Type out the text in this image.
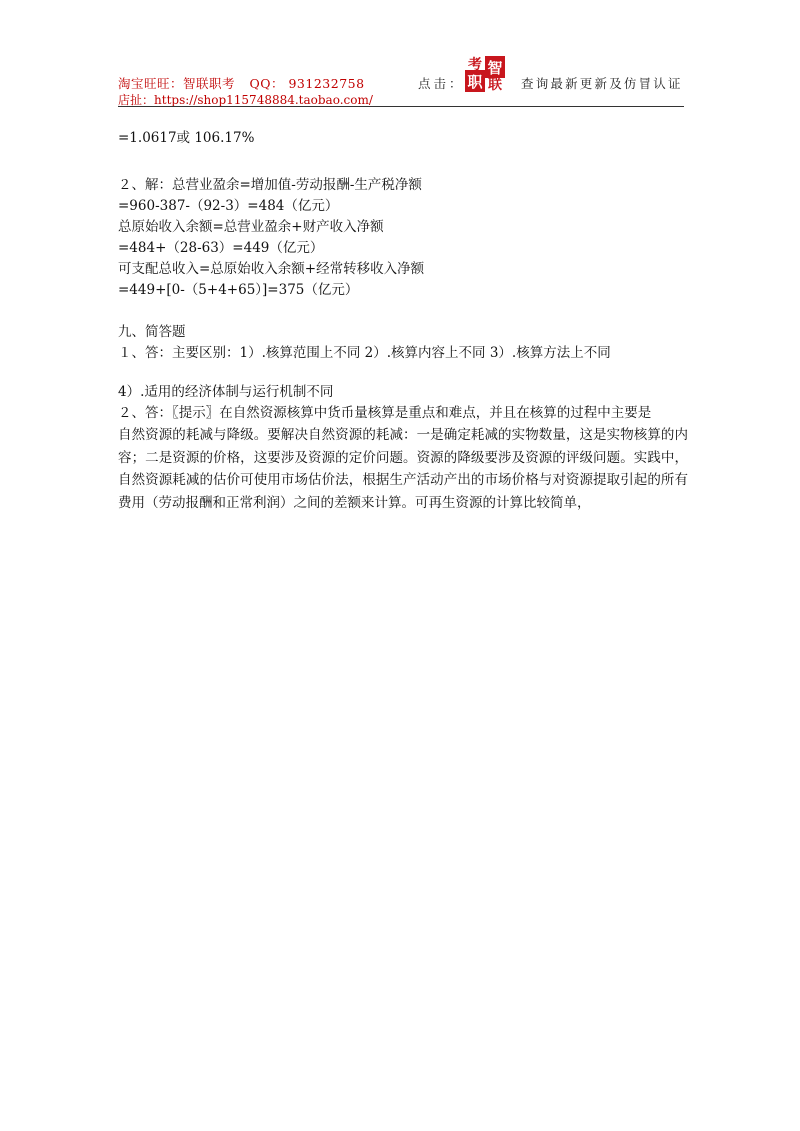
淘宝旺旺：智联职考 QQ： 931232758
店扯：https://shop115748884.taobao.com/
点击：
考 智
职 联 查询最新更新及仿冒认证
=1.0617或 106.17%
２、解：总营业盈余=增加值-劳动报酬-生产税净额
=960-387-（92-3）=484（亿元）
总原始收入余额=总营业盈余+财产收入净额
=484+（28-63）=449（亿元）
可支配总收入=总原始收入余额+经常转移收入净额
=449+[0-（5+4+65）]=375（亿元）
九、简答题
１、答：主要区别：1）.核算范围上不同 2）.核算内容上不同 3）.核算方法上不同
4）.适用的经济体制与运行机制不同
２、答：〖提示〗在自然资源核算中货币量核算是重点和难点，并且在核算的过程中主要是
自然资源的耗减与降级。要解决自然资源的耗减：一是确定耗减的实物数量，这是实物核算的内容；二是资源的价格，这要涉及资源的定价问题。资源的降级要涉及资源的评级问题。实践中，自然资源耗减的估价可使用市场估价法，根据生产活动产出的市场价格与对资源提取引起的所有费用（劳动报酬和正常利润）之间的差额来计算。可再生资源的计算比较简单，
